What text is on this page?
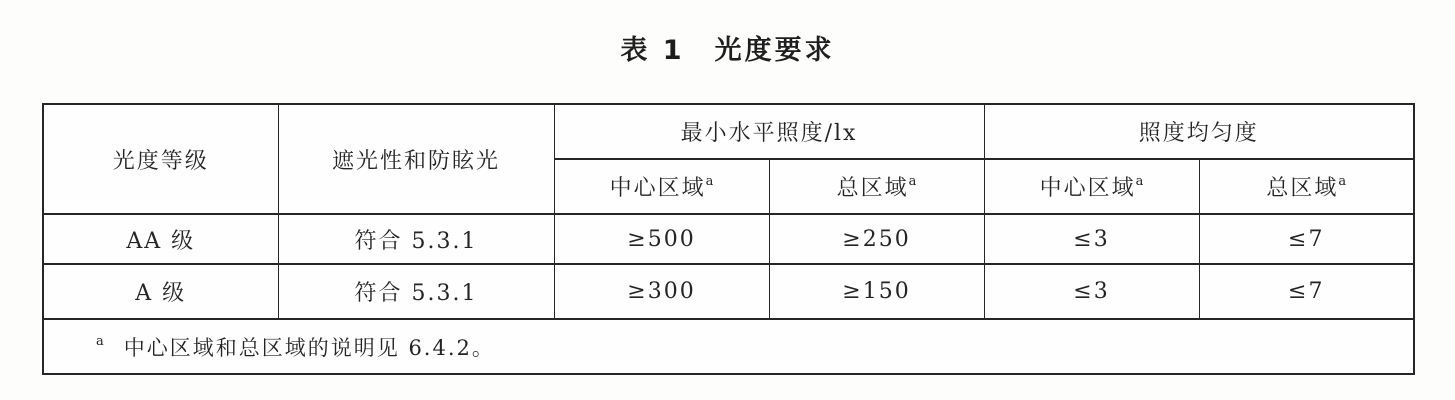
表 1　光度要求
光度等级	遮光性和防眩光	最小水平照度/lx		照度均匀度	
		中心区域$^a$	总区域$^a$	中心区域$^a$	总区域$^a$
AA 级	符合 5.3.1	≥500	≥250	≤3	≤7
A 级	符合 5.3.1	≥300	≥150	≤3	≤7
$^a$ 中心区域和总区域的说明见 6.4.2。					
